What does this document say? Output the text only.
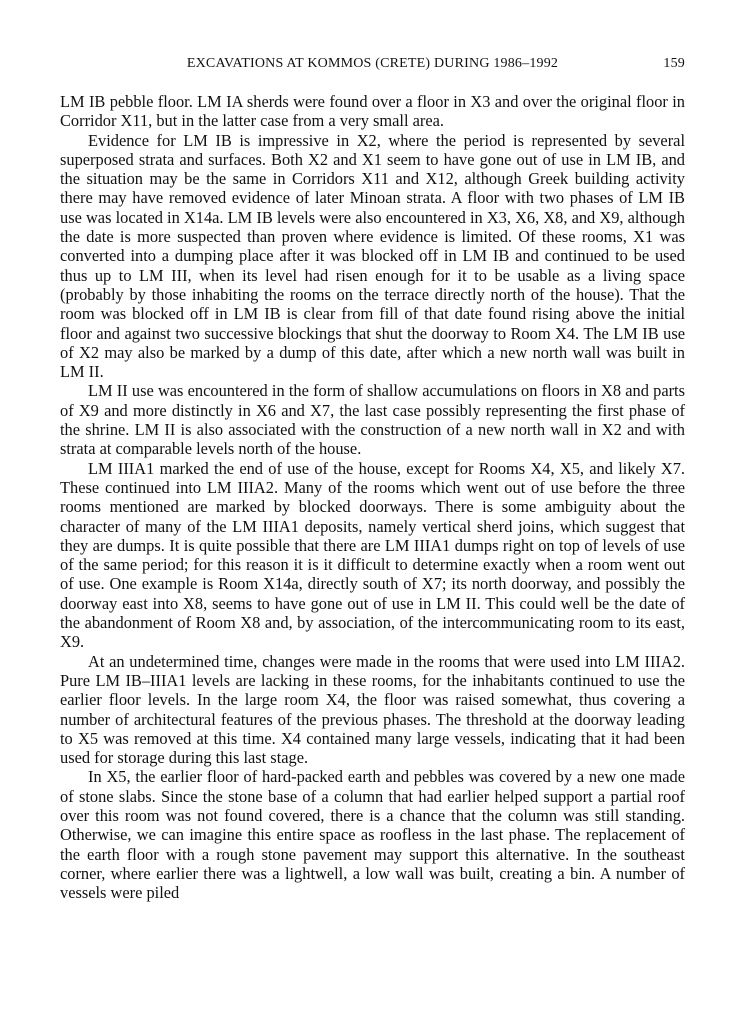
EXCAVATIONS AT KOMMOS (CRETE) DURING 1986–1992	159

LM IB pebble floor. LM IA sherds were found over a floor in X3 and over the original floor in Corridor X11, but in the latter case from a very small area.

Evidence for LM IB is impressive in X2, where the period is represented by several superposed strata and surfaces. Both X2 and X1 seem to have gone out of use in LM IB, and the situation may be the same in Corridors X11 and X12, although Greek building activity there may have removed evidence of later Minoan strata. A floor with two phases of LM IB use was located in X14a. LM IB levels were also encountered in X3, X6, X8, and X9, although the date is more suspected than proven where evidence is limited. Of these rooms, X1 was converted into a dumping place after it was blocked off in LM IB and continued to be used thus up to LM III, when its level had risen enough for it to be usable as a living space (probably by those inhabiting the rooms on the terrace directly north of the house). That the room was blocked off in LM IB is clear from fill of that date found rising above the initial floor and against two successive blockings that shut the doorway to Room X4. The LM IB use of X2 may also be marked by a dump of this date, after which a new north wall was built in LM II.

LM II use was encountered in the form of shallow accumulations on floors in X8 and parts of X9 and more distinctly in X6 and X7, the last case possibly representing the first phase of the shrine. LM II is also associated with the construction of a new north wall in X2 and with strata at comparable levels north of the house.

LM IIIA1 marked the end of use of the house, except for Rooms X4, X5, and likely X7. These continued into LM IIIA2. Many of the rooms which went out of use before the three rooms mentioned are marked by blocked doorways. There is some ambiguity about the character of many of the LM IIIA1 deposits, namely vertical sherd joins, which suggest that they are dumps. It is quite possible that there are LM IIIA1 dumps right on top of levels of use of the same period; for this reason it is it difficult to determine exactly when a room went out of use. One example is Room X14a, directly south of X7; its north doorway, and possibly the doorway east into X8, seems to have gone out of use in LM II. This could well be the date of the abandonment of Room X8 and, by association, of the intercommunicating room to its east, X9.

At an undetermined time, changes were made in the rooms that were used into LM IIIA2. Pure LM IB–IIIA1 levels are lacking in these rooms, for the inhabitants continued to use the earlier floor levels. In the large room X4, the floor was raised somewhat, thus covering a number of architectural features of the previous phases. The threshold at the doorway leading to X5 was removed at this time. X4 contained many large vessels, indicating that it had been used for storage during this last stage.

In X5, the earlier floor of hard-packed earth and pebbles was covered by a new one made of stone slabs. Since the stone base of a column that had earlier helped support a partial roof over this room was not found covered, there is a chance that the column was still standing. Otherwise, we can imagine this entire space as roofless in the last phase. The replacement of the earth floor with a rough stone pavement may support this alternative. In the southeast corner, where earlier there was a lightwell, a low wall was built, creating a bin. A number of vessels were piled
